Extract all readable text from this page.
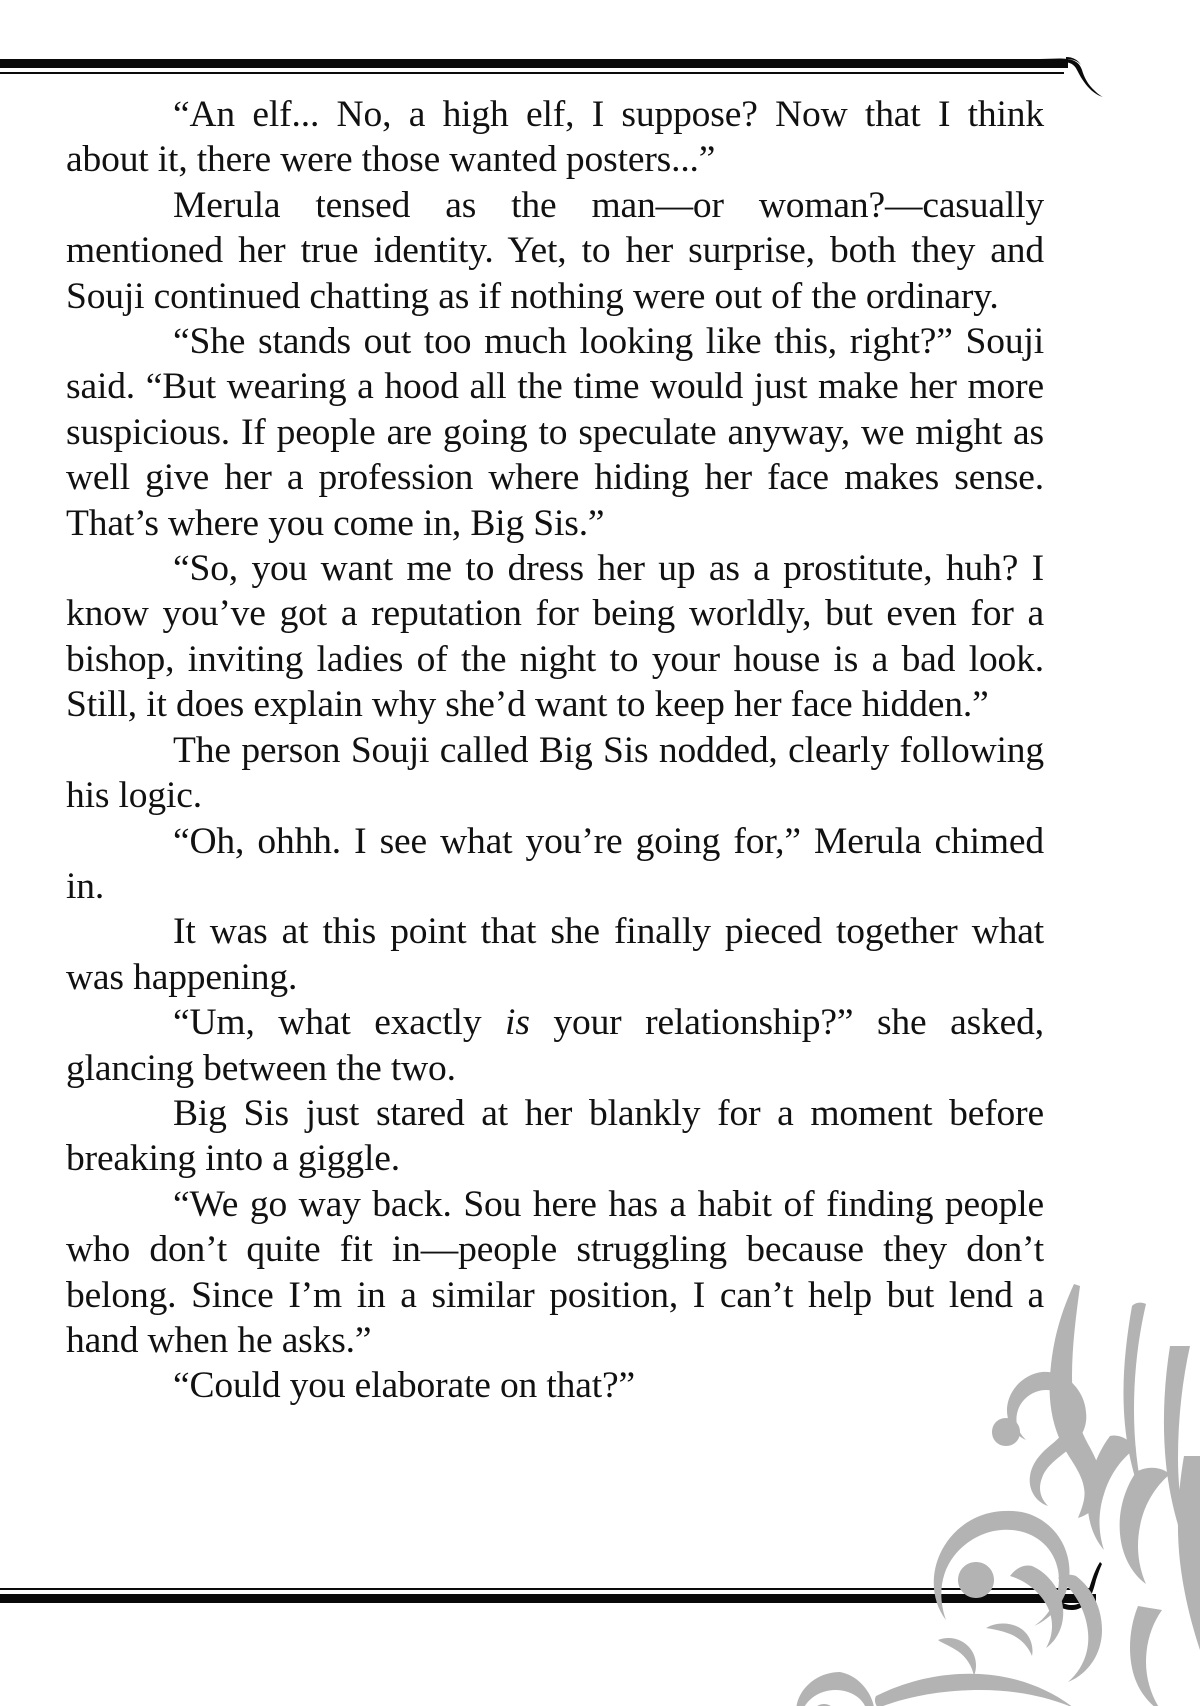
“An elf... No, a high elf, I suppose? Now that I think about it, there were those wanted posters...”

Merula tensed as the man—or woman?—casually mentioned her true identity. Yet, to her surprise, both they and Souji continued chatting as if nothing were out of the ordinary.

“She stands out too much looking like this, right?” Souji said. “But wearing a hood all the time would just make her more suspicious. If people are going to speculate anyway, we might as well give her a profession where hiding her face makes sense. That’s where you come in, Big Sis.”

“So, you want me to dress her up as a prostitute, huh? I know you’ve got a reputation for being worldly, but even for a bishop, inviting ladies of the night to your house is a bad look. Still, it does explain why she’d want to keep her face hidden.”

The person Souji called Big Sis nodded, clearly following his logic.

“Oh, ohhh. I see what you’re going for,” Merula chimed in.

It was at this point that she finally pieced together what was happening.

“Um, what exactly is your relationship?” she asked, glancing between the two.

Big Sis just stared at her blankly for a moment before breaking into a giggle.

“We go way back. Sou here has a habit of finding people who don’t quite fit in—people struggling because they don’t belong. Since I’m in a similar position, I can’t help but lend a hand when he asks.”

“Could you elaborate on that?”
